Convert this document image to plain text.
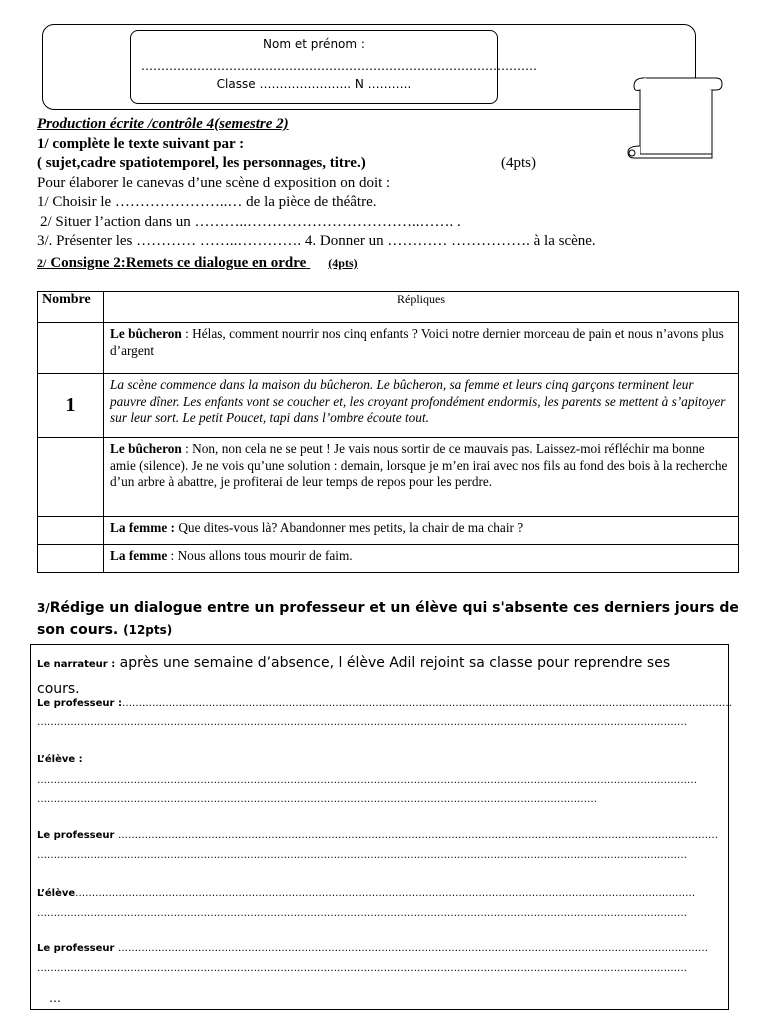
Nom et prénom :
………………………………………………………………………………………
Classe ………………….. N ………..
Production écrite /contrôle 4(semestre 2)
1/ complète le texte suivant par :
( sujet,cadre spatiotemporel, les personnages, titre.)	(4pts)
Pour élaborer le canevas d’une scène d exposition on doit :
1/ Choisir le …………………..… de la pièce de théâtre.
2/ Situer l’action dans un ………..……………………………..……. .
3/. Présenter les ………… ……..…………. 4. Donner un ………… ……………. à la scène.
2/ Consigne 2:Remets ce dialogue en ordre (4pts)
Nombre	Répliques
	Le bûcheron : Hélas, comment nourrir nos cinq enfants ? Voici notre dernier morceau de pain et nous n’avons plus d’argent
1	La scène commence dans la maison du bûcheron. Le bûcheron, sa femme et leurs cinq garçons terminent leur pauvre dîner. Les enfants vont se coucher et, les croyant profondément endormis, les parents se mettent à s’apitoyer sur leur sort. Le petit Poucet, tapi dans l’ombre écoute tout.
	Le bûcheron : Non, non cela ne se peut ! Je vais nous sortir de ce mauvais pas. Laissez-moi réfléchir ma bonne amie (silence). Je ne vois qu’une solution : demain, lorsque je m’en irai avec nos fils au fond des bois à la recherche d’un arbre à abattre, je profiterai de leur temps de repos pour les perdre.
	La femme : Que dites-vous là? Abandonner mes petits, la chair de ma chair ?
	La femme : Nous allons tous mourir de faim.
3/Rédige un dialogue entre un professeur et un élève qui s'absente ces derniers jours de son cours. (12pts)
Le narrateur : après une semaine d’absence, l élève Adil rejoint sa classe pour reprendre ses cours.
Le professeur :…………………………………………………………………………………………………………………………………………………………………
……………………………………………………………………………………………………………………………………………………………………………
L’élève :
………………………………………………………………………………………………………………………………………………………………………………
……………………………………………………………………………………………………………………………………………………
Le professeur ………………………………………………………………………………………………………………………………………………………………
……………………………………………………………………………………………………………………………………………………………………………
L’élève……………………………………………………………………………………………………………………………………………………………………
……………………………………………………………………………………………………………………………………………………………………………
Le professeur ……………………………………………………………………………………………………………………………………………………………
……………………………………………………………………………………………………………………………………………………………………………
…
